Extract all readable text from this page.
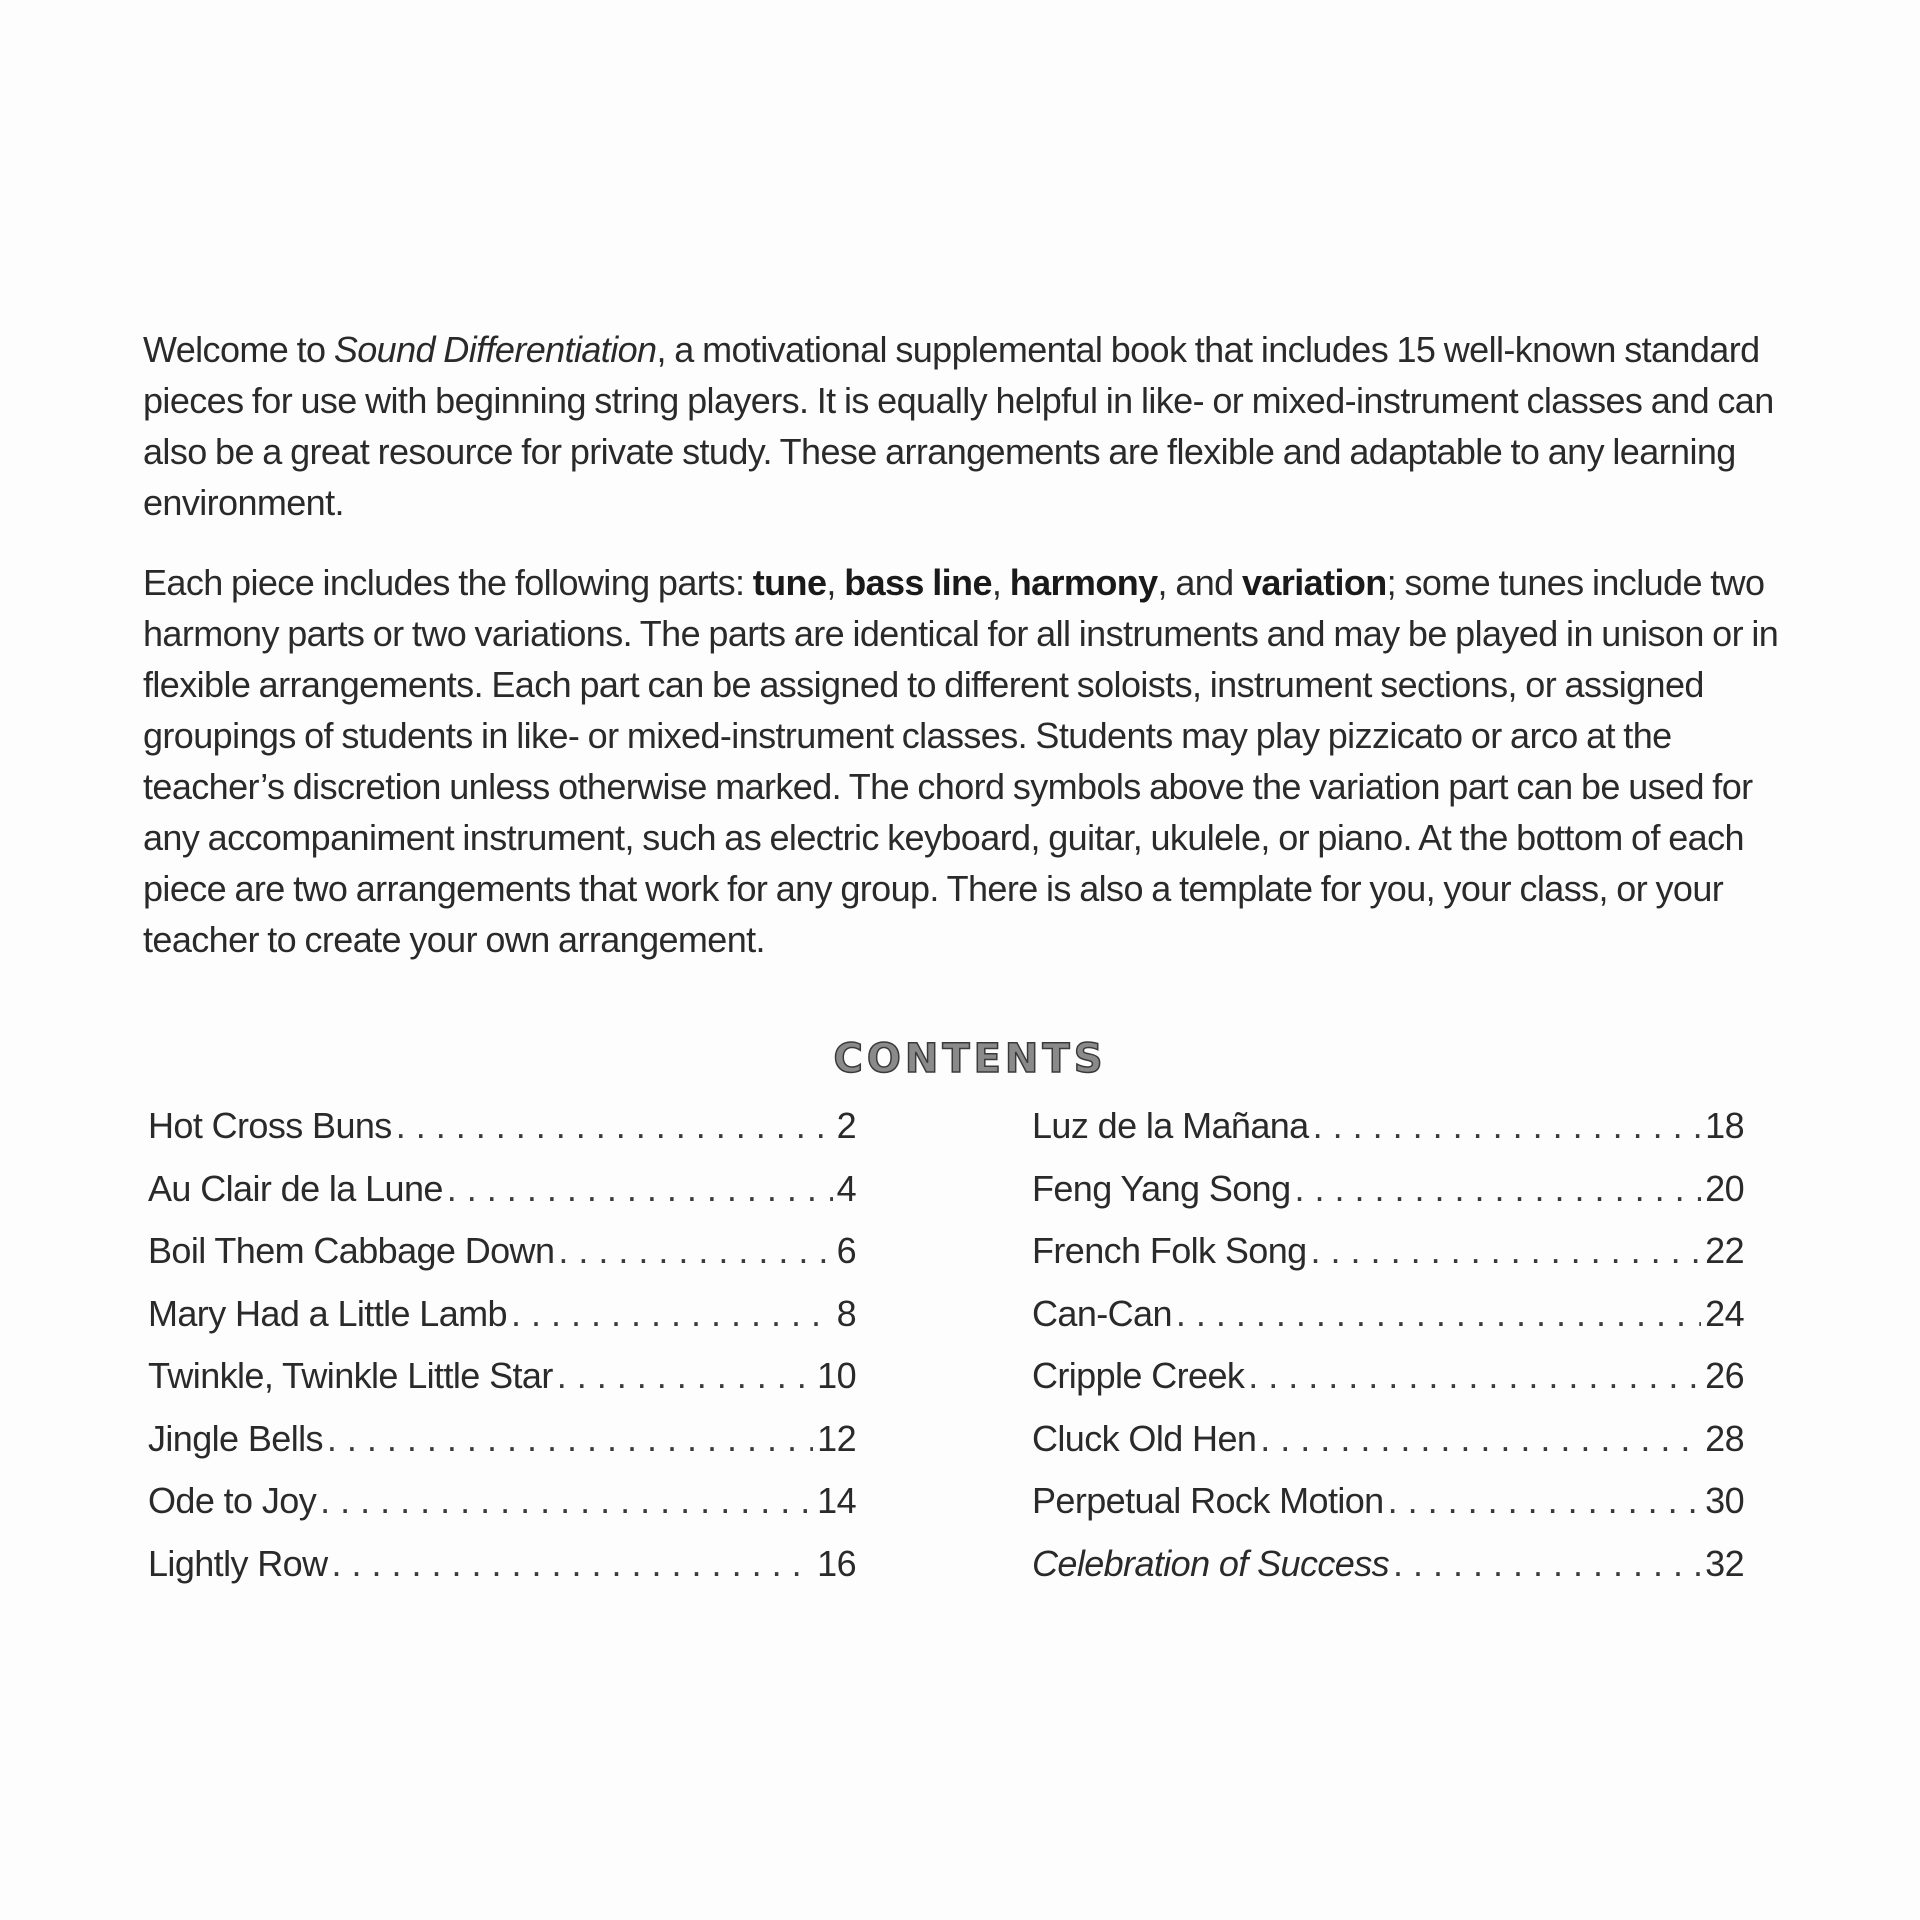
Welcome to Sound Differentiation, a motivational supplemental book that includes 15 well-known standard pieces for use with beginning string players. It is equally helpful in like- or mixed-instrument classes and can also be a great resource for private study. These arrangements are flexible and adaptable to any learning environment.

Each piece includes the following parts: tune, bass line, harmony, and variation; some tunes include two harmony parts or two variations. The parts are identical for all instruments and may be played in unison or in flexible arrangements. Each part can be assigned to different soloists, instrument sections, or assigned groupings of students in like- or mixed-instrument classes. Students may play pizzicato or arco at the teacher’s discretion unless otherwise marked. The chord symbols above the variation part can be used for any accompaniment instrument, such as electric keyboard, guitar, ukulele, or piano. At the bottom of each piece are two arrangements that work for any group. There is also a template for you, your class, or your teacher to create your own arrangement.

CONTENTS
Hot Cross Buns . . .	2
Au Clair de la Lune . . .	4
Boil Them Cabbage Down . . .	6
Mary Had a Little Lamb . . .	8
Twinkle, Twinkle Little Star . . .	10
Jingle Bells . . .	12
Ode to Joy . . .	14
Lightly Row . . .	16
Luz de la Mañana . . .	18
Feng Yang Song . . .	20
French Folk Song . . .	22
Can-Can . . .	24
Cripple Creek . . .	26
Cluck Old Hen . . .	28
Perpetual Rock Motion . . .	30
Celebration of Success . . .	32
